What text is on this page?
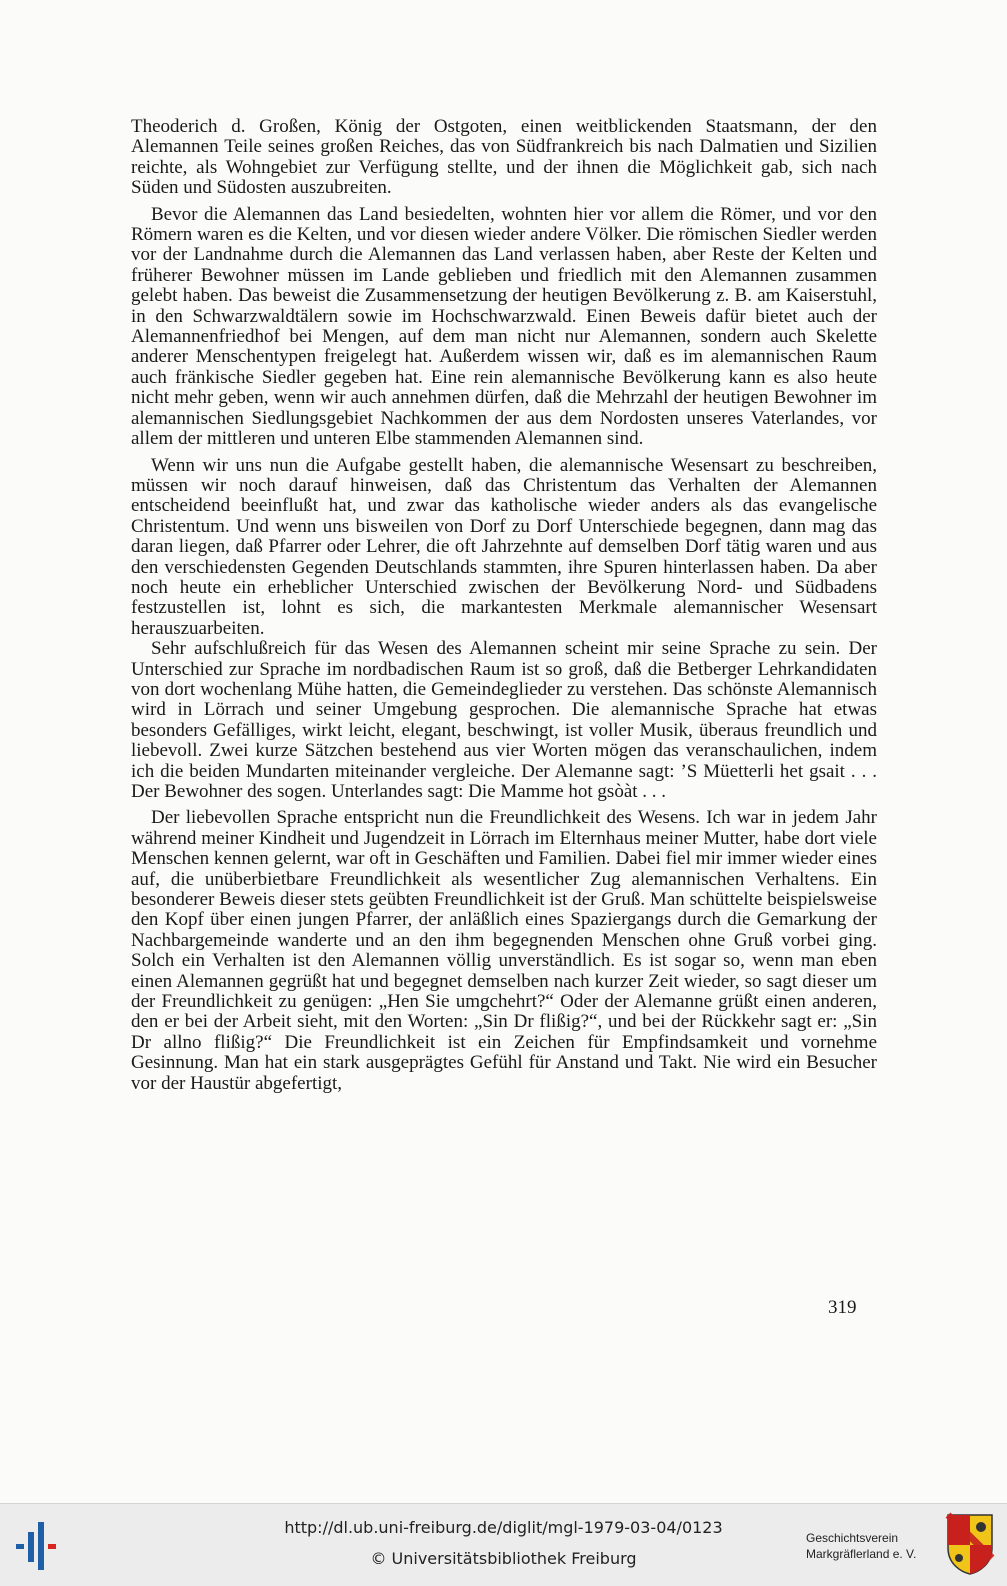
Theoderich d. Großen, König der Ostgoten, einen weitblickenden Staatsmann, der den Alemannen Teile seines großen Reiches, das von Südfrankreich bis nach Dalmatien und Sizilien reichte, als Wohngebiet zur Verfügung stellte, und der ihnen die Möglichkeit gab, sich nach Süden und Südosten auszubreiten.

Bevor die Alemannen das Land besiedelten, wohnten hier vor allem die Römer, und vor den Römern waren es die Kelten, und vor diesen wieder andere Völker. Die römischen Siedler werden vor der Landnahme durch die Alemannen das Land verlassen haben, aber Reste der Kelten und früherer Bewohner müssen im Lande geblieben und friedlich mit den Alemannen zusammen gelebt haben. Das beweist die Zusammensetzung der heutigen Bevölkerung z. B. am Kaiserstuhl, in den Schwarzwaldtälern sowie im Hochschwarzwald. Einen Beweis dafür bietet auch der Alemannenfriedhof bei Mengen, auf dem man nicht nur Alemannen, sondern auch Skelette anderer Menschentypen freigelegt hat. Außerdem wissen wir, daß es im alemannischen Raum auch fränkische Siedler gegeben hat. Eine rein alemannische Bevölkerung kann es also heute nicht mehr geben, wenn wir auch annehmen dürfen, daß die Mehrzahl der heutigen Bewohner im alemannischen Siedlungsgebiet Nachkommen der aus dem Nordosten unseres Vaterlandes, vor allem der mittleren und unteren Elbe stammenden Alemannen sind.

Wenn wir uns nun die Aufgabe gestellt haben, die alemannische Wesensart zu beschreiben, müssen wir noch darauf hinweisen, daß das Christentum das Verhalten der Alemannen entscheidend beeinflußt hat, und zwar das katholische wieder anders als das evangelische Christentum. Und wenn uns bisweilen von Dorf zu Dorf Unterschiede begegnen, dann mag das daran liegen, daß Pfarrer oder Lehrer, die oft Jahrzehnte auf demselben Dorf tätig waren und aus den verschiedensten Gegenden Deutschlands stammten, ihre Spuren hinterlassen haben. Da aber noch heute ein erheblicher Unterschied zwischen der Bevölkerung Nord- und Südbadens festzustellen ist, lohnt es sich, die markantesten Merkmale alemannischer Wesensart herauszuarbeiten.

Sehr aufschlußreich für das Wesen des Alemannen scheint mir seine Sprache zu sein. Der Unterschied zur Sprache im nordbadischen Raum ist so groß, daß die Betberger Lehrkandidaten von dort wochenlang Mühe hatten, die Gemeindeglieder zu verstehen. Das schönste Alemannisch wird in Lörrach und seiner Umgebung gesprochen. Die alemannische Sprache hat etwas besonders Gefälliges, wirkt leicht, elegant, beschwingt, ist voller Musik, überaus freundlich und liebevoll. Zwei kurze Sätzchen bestehend aus vier Worten mögen das veranschaulichen, indem ich die beiden Mundarten miteinander vergleiche. Der Alemanne sagt: ’S Müetterli het gsait . . . Der Bewohner des sogen. Unterlandes sagt: Die Mamme hot gsòàt . . .

Der liebevollen Sprache entspricht nun die Freundlichkeit des Wesens. Ich war in jedem Jahr während meiner Kindheit und Jugendzeit in Lörrach im Elternhaus meiner Mutter, habe dort viele Menschen kennen gelernt, war oft in Geschäften und Familien. Dabei fiel mir immer wieder eines auf, die unüberbietbare Freundlichkeit als wesentlicher Zug alemannischen Verhaltens. Ein besonderer Beweis dieser stets geübten Freundlichkeit ist der Gruß. Man schüttelte beispielsweise den Kopf über einen jungen Pfarrer, der anläßlich eines Spaziergangs durch die Gemarkung der Nachbargemeinde wanderte und an den ihm begegnenden Menschen ohne Gruß vorbei ging. Solch ein Verhalten ist den Alemannen völlig unverständlich. Es ist sogar so, wenn man eben einen Alemannen gegrüßt hat und begegnet demselben nach kurzer Zeit wieder, so sagt dieser um der Freundlichkeit zu genügen: „Hen Sie umgchehrt?“ Oder der Alemanne grüßt einen anderen, den er bei der Arbeit sieht, mit den Worten: „Sin Dr flißig?“, und bei der Rückkehr sagt er: „Sin Dr allno flißig?“ Die Freundlichkeit ist ein Zeichen für Empfindsamkeit und vornehme Gesinnung. Man hat ein stark ausgeprägtes Gefühl für Anstand und Takt. Nie wird ein Besucher vor der Haustür abgefertigt,

319
http://dl.ub.uni-freiburg.de/diglit/mgl-1979-03-04/0123
© Universitätsbibliothek Freiburg
Geschichtsverein
Markgräflerland e. V.
